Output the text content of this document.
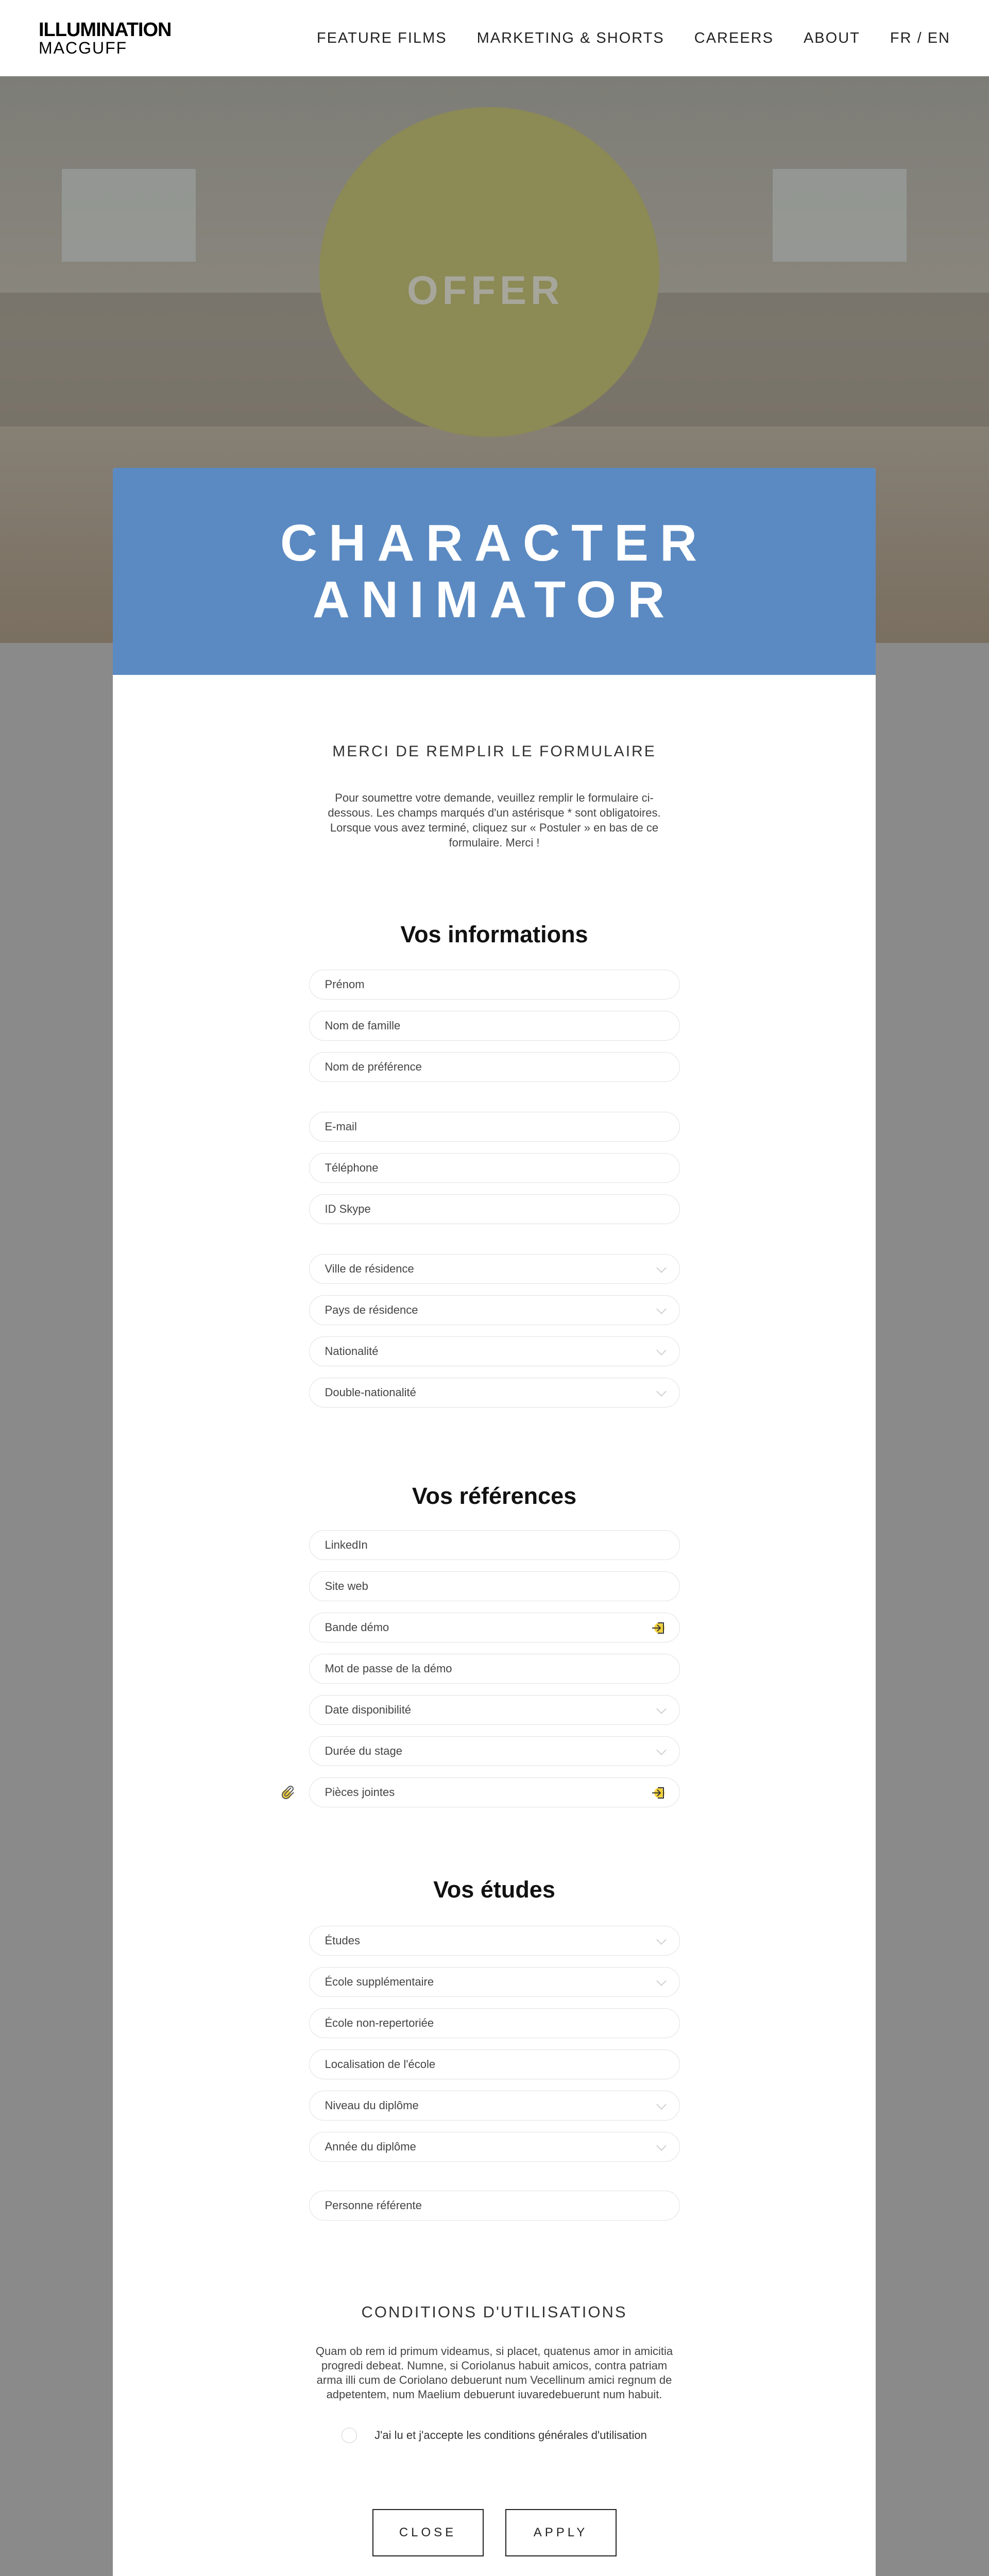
ILLUMINATION
MACGUFF
FEATURE FILMS MARKETING & SHORTS CAREERS ABOUT FR / EN
OFFER
CHARACTER ANIMATOR

MERCI DE REMPLIR LE FORMULAIRE

Pour soumettre votre demande, veuillez remplir le formulaire ci-dessous. Les champs marqués d'un astérisque * sont obligatoires. Lorsque vous avez terminé, cliquez sur « Postuler » en bas de ce formulaire. Merci !

Vos informations
Prénom
Nom de famille
Nom de préférence
E-mail
Téléphone
ID Skype
Ville de résidence
Pays de résidence
Nationalité
Double-nationalité
Vos références
LinkedIn
Site web
Bande démo
Mot de passe de la démo
Date disponibilité
Durée du stage
Pièces jointes
Vos études
Études
École supplémentaire
École non-repertoriée
Localisation de l'école
Niveau du diplôme
Année du diplôme
Personne référente

CONDITIONS D'UTILISATIONS

Quam ob rem id primum videamus, si placet, quatenus amor in amicitia progredi debeat. Numne, si Coriolanus habuit amicos, contra patriam arma illi cum de Coriolano debuerunt num Vecellinum amici regnum de adpetentem, num Maelium debuerunt iuvaredebuerunt num habuit.

J'ai lu et j'accepte les conditions générales d'utilisation
CLOSE	APPLY
